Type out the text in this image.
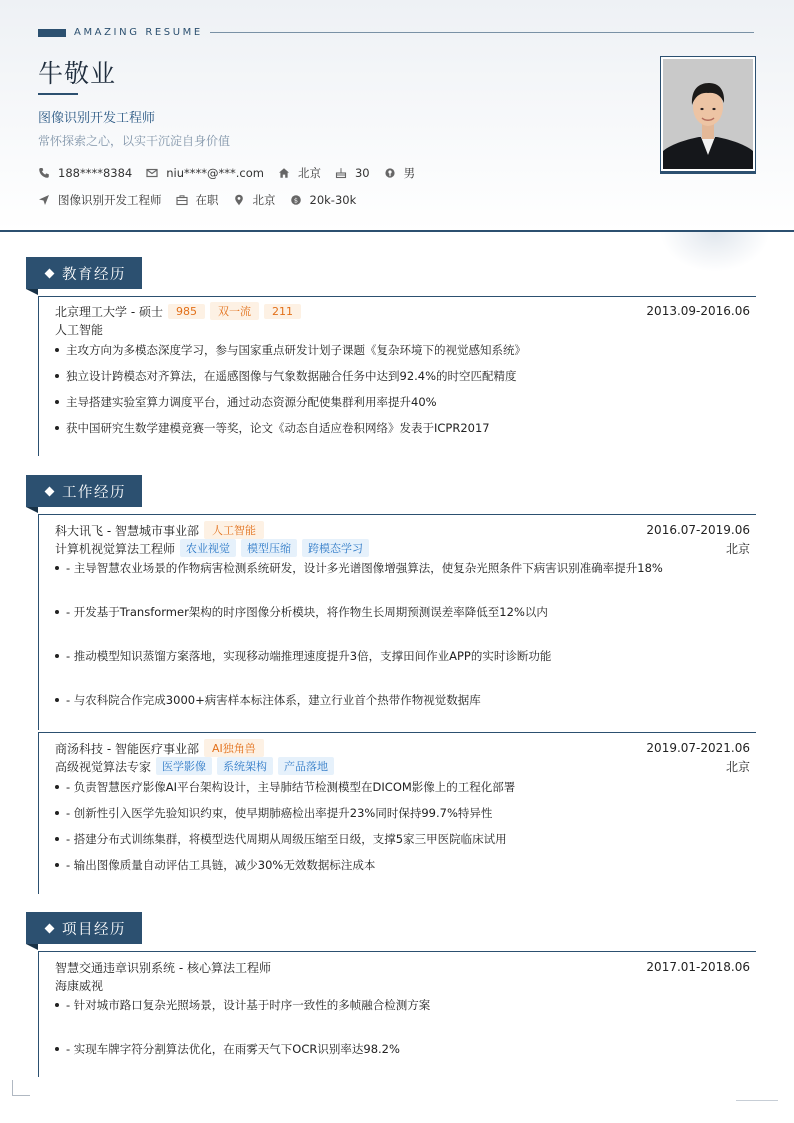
AMAZING RESUME
牛敬业
图像识别开发工程师
常怀探索之心，以实干沉淀自身价值
188****8384	niu****@***.com	北京	30	男
图像识别开发工程师	在职	北京	$ 20k-30k
教育经历
北京理工大学 - 硕士	985	双一流	211	2013.09-2016.06
人工智能
主攻方向为多模态深度学习，参与国家重点研发计划子课题《复杂环境下的视觉感知系统》
独立设计跨模态对齐算法，在遥感图像与气象数据融合任务中达到92.4%的时空匹配精度
主导搭建实验室算力调度平台，通过动态资源分配使集群利用率提升40%
获中国研究生数学建模竞赛一等奖，论文《动态自适应卷积网络》发表于ICPR2017
工作经历
科大讯飞 - 智慧城市事业部	人工智能	2016.07-2019.06
计算机视觉算法工程师	农业视觉	模型压缩	跨模态学习	北京
- 主导智慧农业场景的作物病害检测系统研发，设计多光谱图像增强算法，使复杂光照条件下病害识别准确率提升18%
- 开发基于Transformer架构的时序图像分析模块，将作物生长周期预测误差率降低至12%以内
- 推动模型知识蒸馏方案落地，实现移动端推理速度提升3倍，支撑田间作业APP的实时诊断功能
- 与农科院合作完成3000+病害样本标注体系，建立行业首个热带作物视觉数据库
商汤科技 - 智能医疗事业部	AI独角兽	2019.07-2021.06
高级视觉算法专家	医学影像	系统架构	产品落地	北京
- 负责智慧医疗影像AI平台架构设计，主导肺结节检测模型在DICOM影像上的工程化部署
- 创新性引入医学先验知识约束，使早期肺癌检出率提升23%同时保持99.7%特异性
- 搭建分布式训练集群，将模型迭代周期从周级压缩至日级，支撑5家三甲医院临床试用
- 输出图像质量自动评估工具链，减少30%无效数据标注成本
项目经历
智慧交通违章识别系统 - 核心算法工程师	2017.01-2018.06
海康威视
- 针对城市路口复杂光照场景，设计基于时序一致性的多帧融合检测方案
- 实现车牌字符分割算法优化，在雨雾天气下OCR识别率达98.2%
